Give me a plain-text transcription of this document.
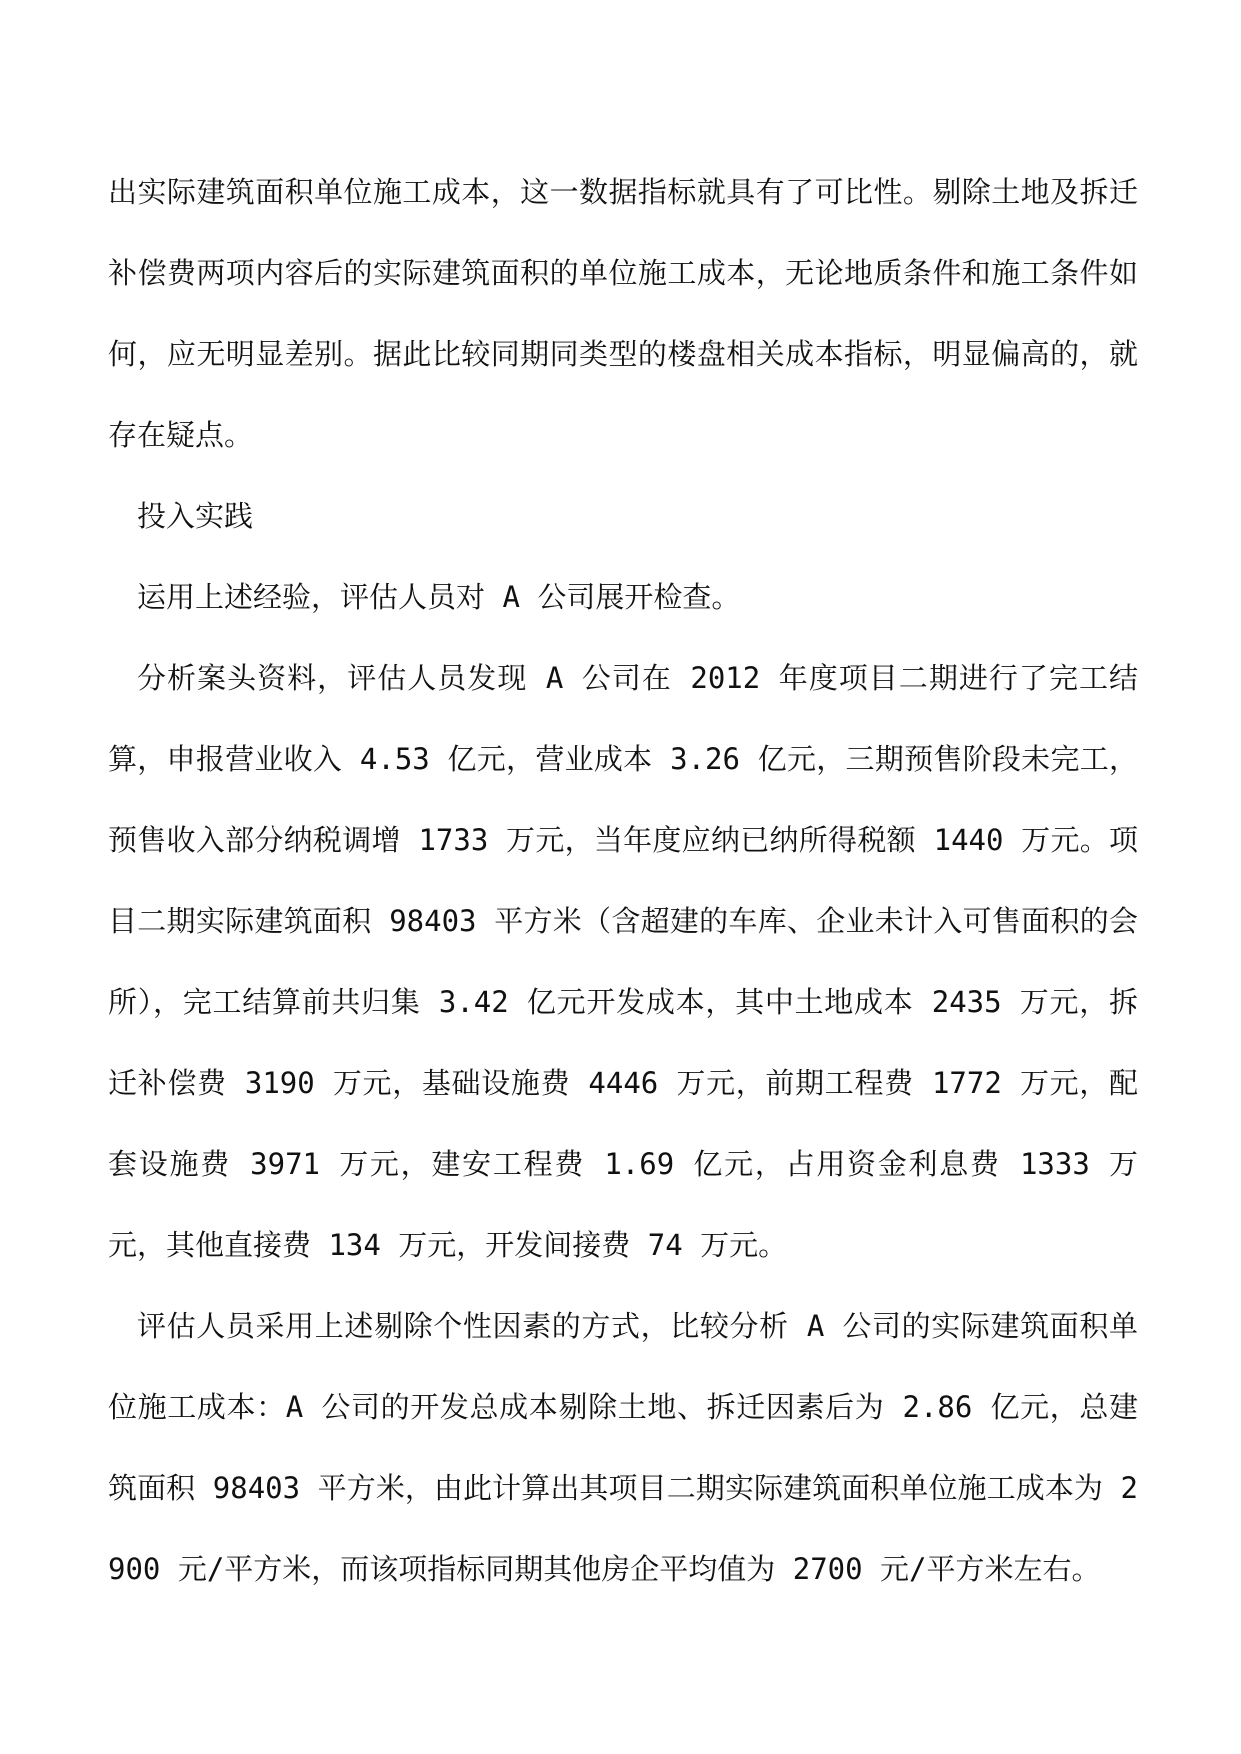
出实际建筑面积单位施工成本，这一数据指标就具有了可比性。剔除土地及拆迁补偿费两项内容后的实际建筑面积的单位施工成本，无论地质条件和施工条件如何，应无明显差别。据此比较同期同类型的楼盘相关成本指标，明显偏高的，就存在疑点。

投入实践

运用上述经验，评估人员对 A 公司展开检查。

分析案头资料，评估人员发现 A 公司在 2012 年度项目二期进行了完工结算，申报营业收入 4.53 亿元，营业成本 3.26 亿元，三期预售阶段未完工，预售收入部分纳税调增 1733 万元，当年度应纳已纳所得税额 1440 万元。项目二期实际建筑面积 98403 平方米（含超建的车库、企业未计入可售面积的会所），完工结算前共归集 3.42 亿元开发成本，其中土地成本 2435 万元，拆迁补偿费 3190 万元，基础设施费 4446 万元，前期工程费 1772 万元，配套设施费 3971 万元，建安工程费 1.69 亿元，占用资金利息费 1333 万元，其他直接费 134 万元，开发间接费 74 万元。

评估人员采用上述剔除个性因素的方式，比较分析 A 公司的实际建筑面积单位施工成本：A 公司的开发总成本剔除土地、拆迁因素后为 2.86 亿元，总建筑面积 98403 平方米，由此计算出其项目二期实际建筑面积单位施工成本为 2900 元/平方米，而该项指标同期其他房企平均值为 2700 元/平方米左右。
